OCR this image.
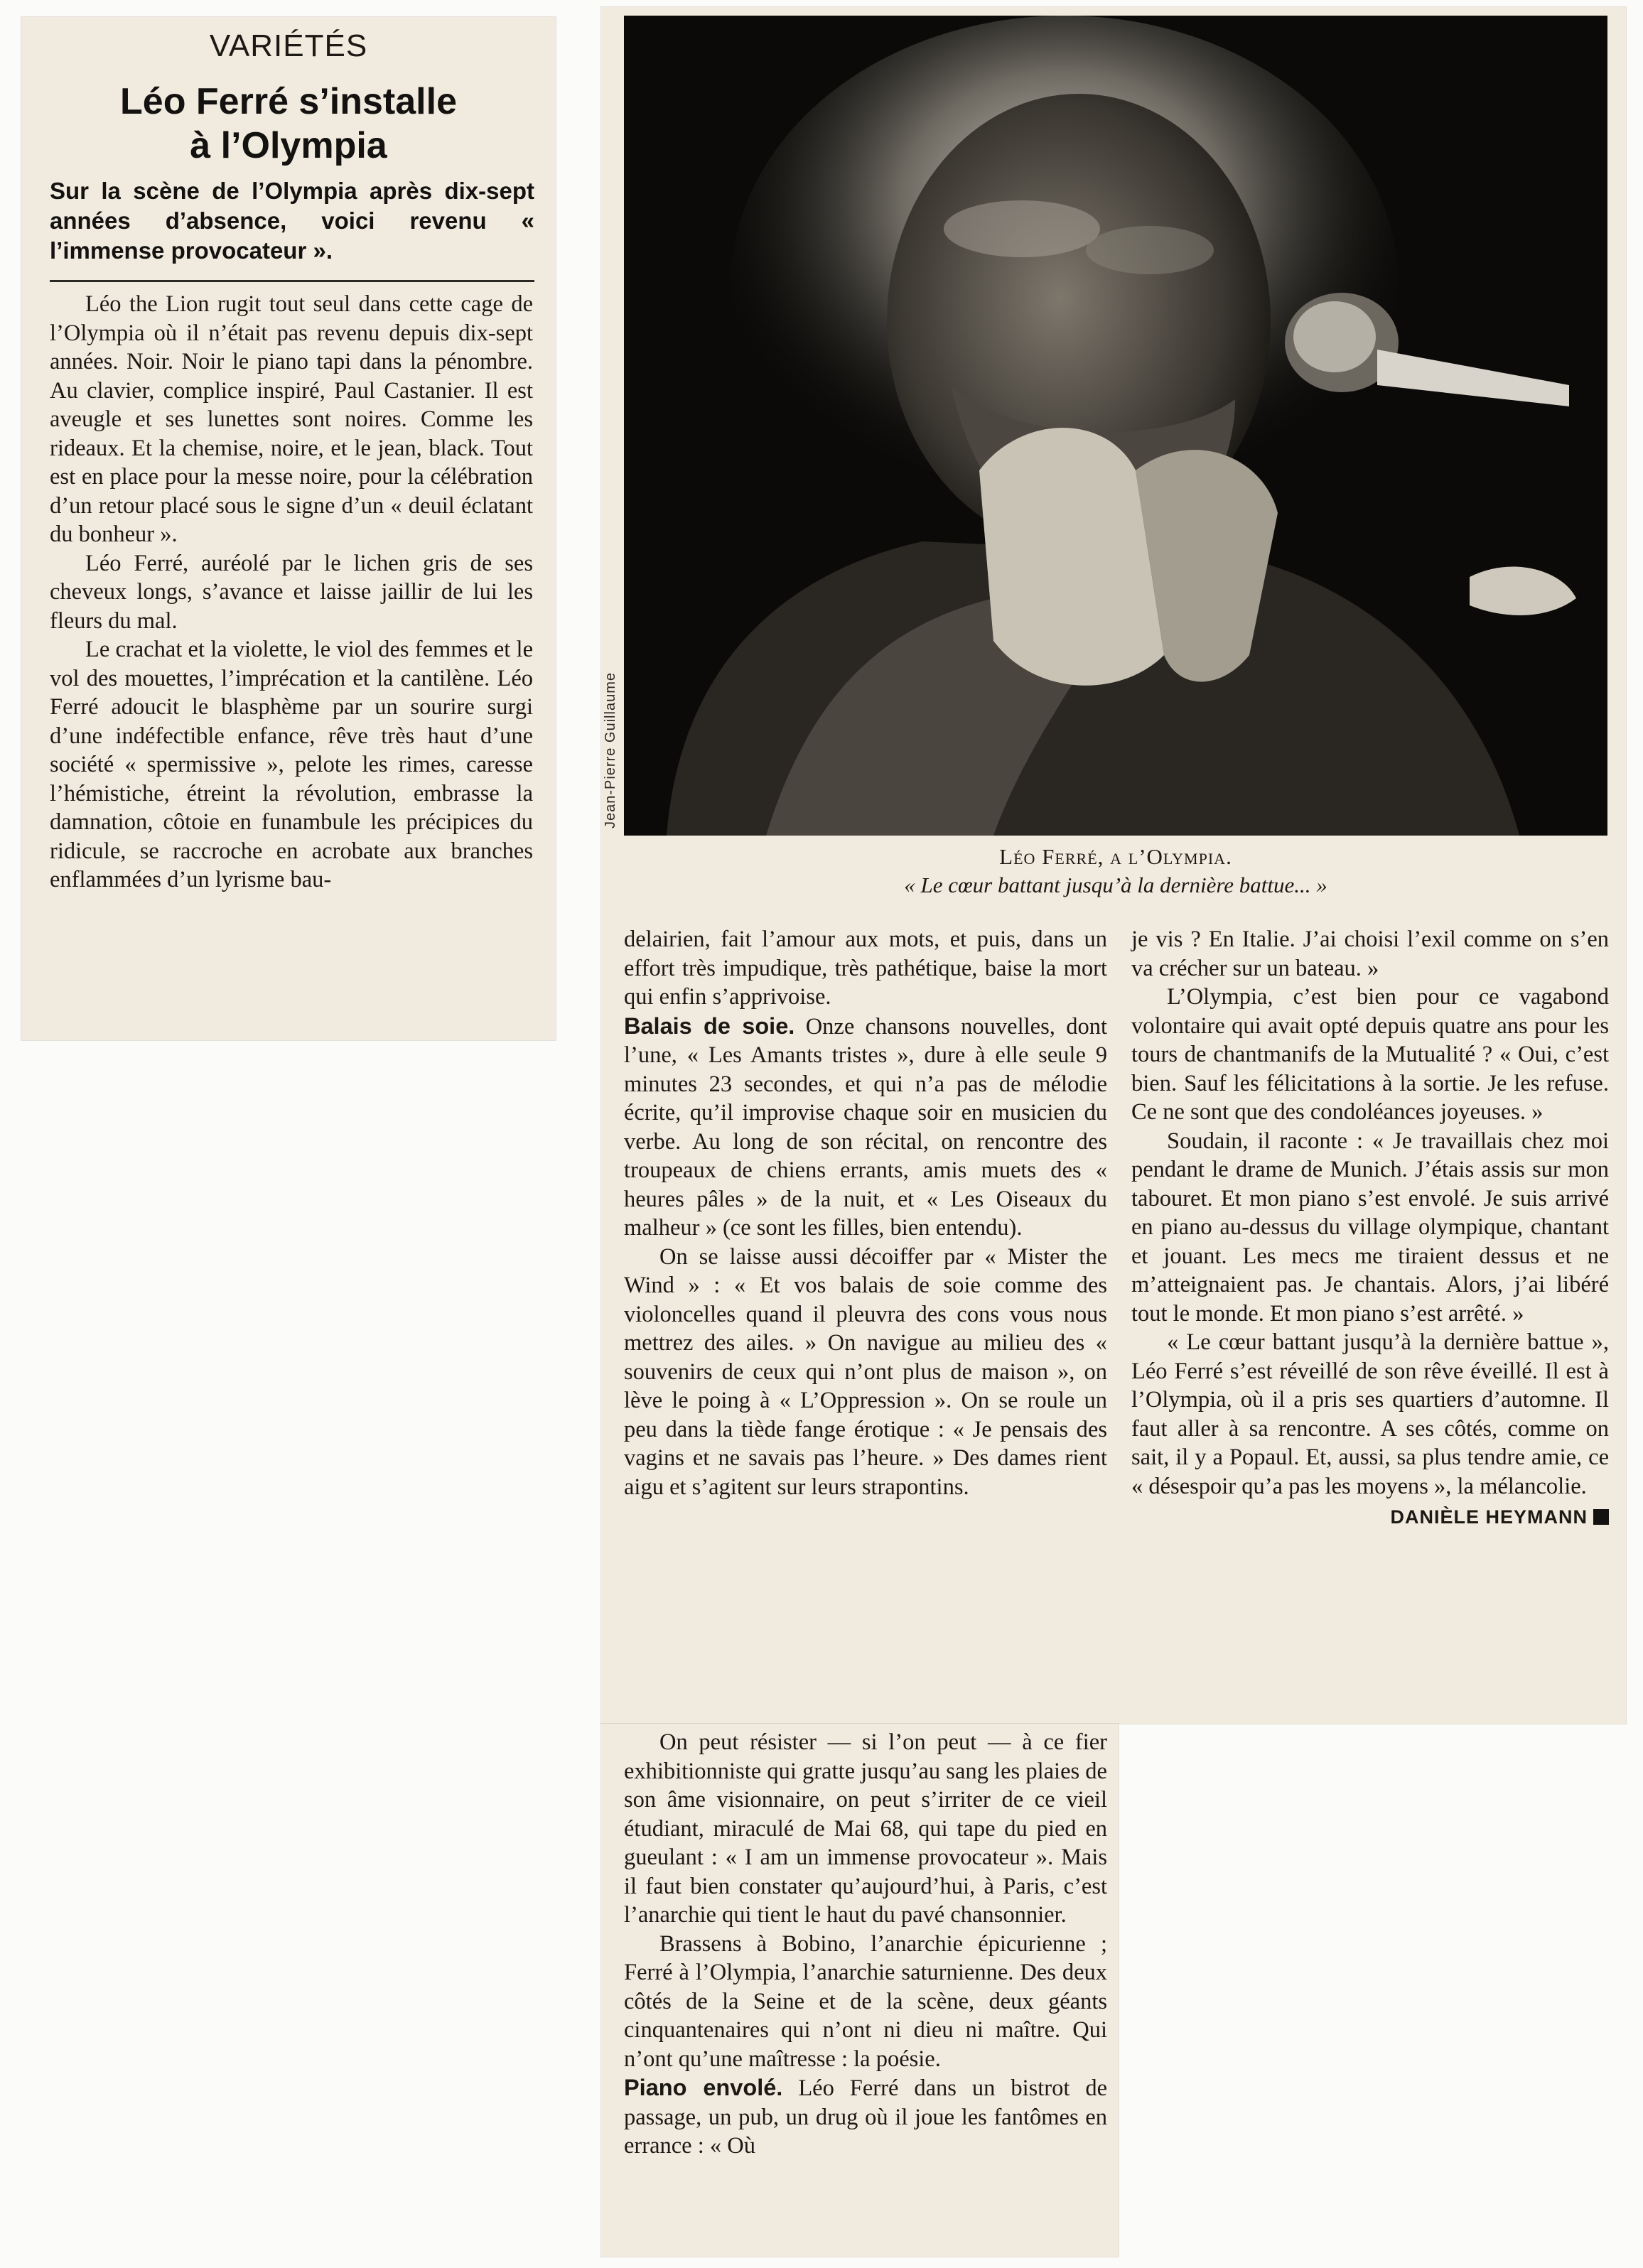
VARIÉTÉS
Léo Ferré s’installe
à l’Olympia
Sur la scène de l’Olympia après dix-sept années d’absence, voici revenu « l’immense provocateur ».

Léo the Lion rugit tout seul dans cette cage de l’Olympia où il n’était pas revenu depuis dix-sept années. Noir. Noir le piano tapi dans la pénombre. Au clavier, complice inspiré, Paul Castanier. Il est aveugle et ses lunettes sont noires. Comme les rideaux. Et la chemise, noire, et le jean, black. Tout est en place pour la messe noire, pour la célébration d’un retour placé sous le signe d’un « deuil éclatant du bonheur ».

Léo Ferré, auréolé par le lichen gris de ses cheveux longs, s’avance et laisse jaillir de lui les fleurs du mal.

Le crachat et la violette, le viol des femmes et le vol des mouettes, l’imprécation et la cantilène. Léo Ferré adoucit le blasphème par un sourire surgi d’une indéfectible enfance, rêve très haut d’une société « spermissive », pelote les rimes, caresse l’hémistiche, étreint la révolution, embrasse la damnation, côtoie en funambule les précipices du ridicule, se raccroche en acrobate aux branches enflammées d’un lyrisme bau-

Jean-Pierre Guillaume
Léo Ferré, a l’Olympia.
« Le cœur battant jusqu’à la dernière battue... »

delairien, fait l’amour aux mots, et puis, dans un effort très impudique, très pathétique, baise la mort qui enfin s’apprivoise.

Balais de soie. Onze chansons nouvelles, dont l’une, « Les Amants tristes », dure à elle seule 9 minutes 23 secondes, et qui n’a pas de mélodie écrite, qu’il improvise chaque soir en musicien du verbe. Au long de son récital, on rencontre des troupeaux de chiens errants, amis muets des « heures pâles » de la nuit, et « Les Oiseaux du malheur » (ce sont les filles, bien entendu).

On se laisse aussi décoiffer par « Mister the Wind » : « Et vos balais de soie comme des violoncelles quand il pleuvra des cons vous nous mettrez des ailes. » On navigue au milieu des « souvenirs de ceux qui n’ont plus de maison », on lève le poing à « L’Oppression ». On se roule un peu dans la tiède fange érotique : « Je pensais des vagins et ne savais pas l’heure. » Des dames rient aigu et s’agitent sur leurs strapontins.

je vis ? En Italie. J’ai choisi l’exil comme on s’en va crécher sur un bateau. »

L’Olympia, c’est bien pour ce vagabond volontaire qui avait opté depuis quatre ans pour les tours de chantmanifs de la Mutualité ? « Oui, c’est bien. Sauf les félicitations à la sortie. Je les refuse. Ce ne sont que des condoléances joyeuses. »

Soudain, il raconte : « Je travaillais chez moi pendant le drame de Munich. J’étais assis sur mon tabouret. Et mon piano s’est envolé. Je suis arrivé en piano au-dessus du village olympique, chantant et jouant. Les mecs me tiraient dessus et ne m’atteignaient pas. Je chantais. Alors, j’ai libéré tout le monde. Et mon piano s’est arrêté. »

« Le cœur battant jusqu’à la dernière battue », Léo Ferré s’est réveillé de son rêve éveillé. Il est à l’Olympia, où il a pris ses quartiers d’automne. Il faut aller à sa rencontre. A ses côtés, comme on sait, il y a Popaul. Et, aussi, sa plus tendre amie, ce « désespoir qu’a pas les moyens », la mélancolie.

DANIÈLE HEYMANN

On peut résister — si l’on peut — à ce fier exhibitionniste qui gratte jusqu’au sang les plaies de son âme visionnaire, on peut s’irriter de ce vieil étudiant, miraculé de Mai 68, qui tape du pied en gueulant : « I am un immense provocateur ». Mais il faut bien constater qu’aujourd’hui, à Paris, c’est l’anarchie qui tient le haut du pavé chansonnier.

Brassens à Bobino, l’anarchie épicurienne ; Ferré à l’Olympia, l’anarchie saturnienne. Des deux côtés de la Seine et de la scène, deux géants cinquantenaires qui n’ont ni dieu ni maître. Qui n’ont qu’une maîtresse : la poésie.

Piano envolé. Léo Ferré dans un bistrot de passage, un pub, un drug où il joue les fantômes en errance : « Où
